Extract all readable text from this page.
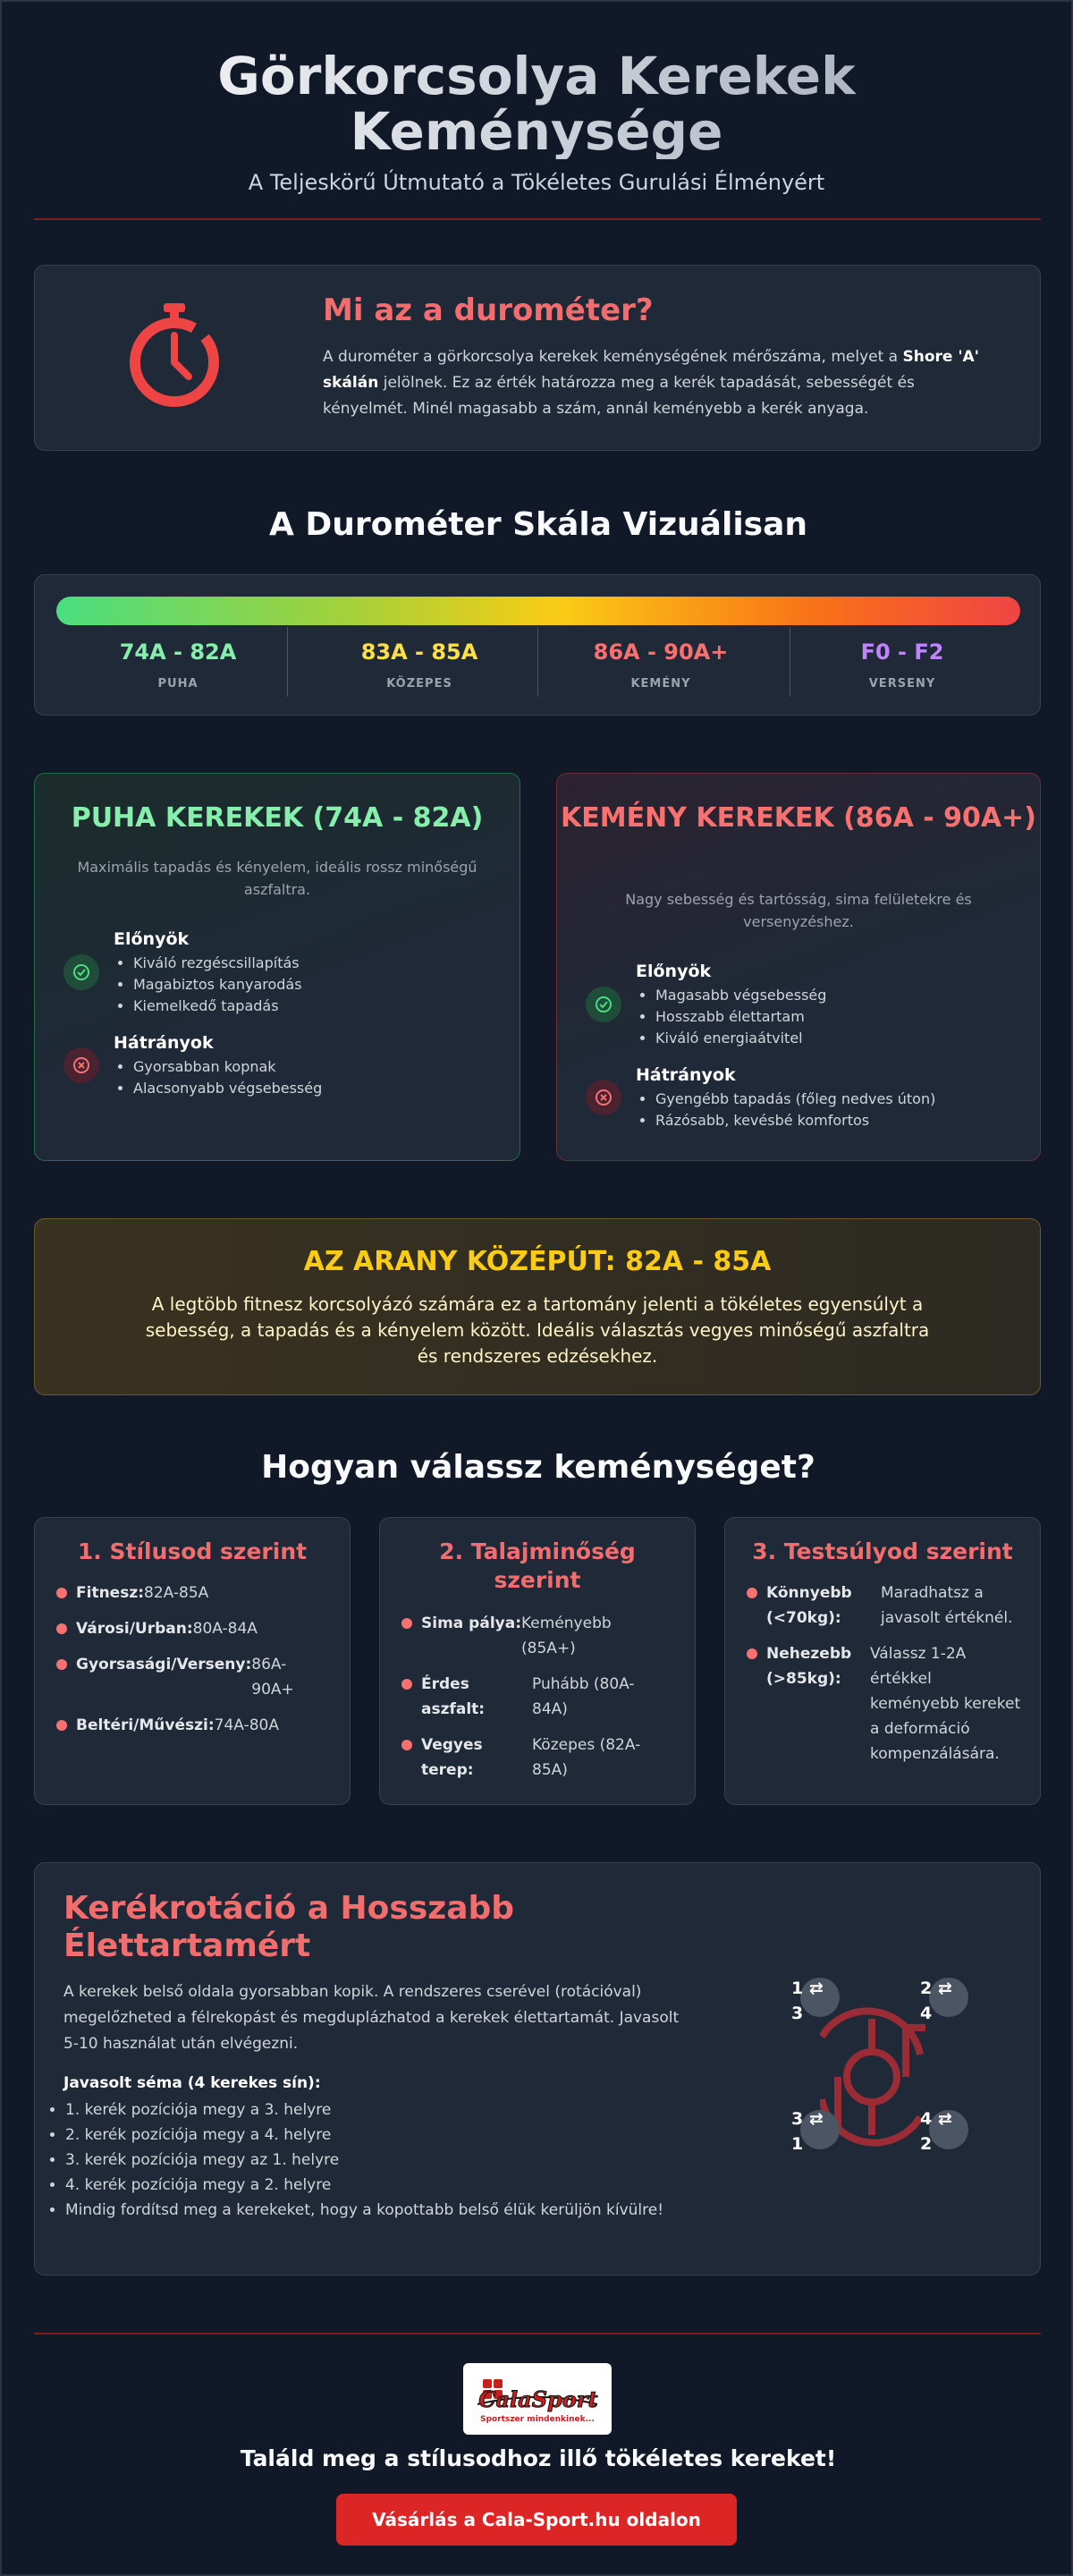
Görkorcsolya Kerekek Keménysége
A Teljeskörű Útmutató a Tökéletes Gurulási Élményért
Mi az a durométer?
A durométer a görkorcsolya kerekek keménységének mérőszáma, melyet a Shore 'A' skálán jelölnek. Ez az érték határozza meg a kerék tapadását, sebességét és kényelmét. Minél magasabb a szám, annál keményebb a kerék anyaga.
A Durométer Skála Vizuálisan
74A - 82A
PUHA
83A - 85A
KÖZEPES
86A - 90A+
KEMÉNY
F0 - F2
VERSENY
PUHA KEREKEK (74A - 82A)
Maximális tapadás és kényelem, ideális rossz minőségű aszfaltra.
Előnyök
• Kiváló rezgéscsillapítás
• Magabiztos kanyarodás
• Kiemelkedő tapadás
Hátrányok
• Gyorsabban kopnak
• Alacsonyabb végsebesség
KEMÉNY KEREKEK (86A - 90A+)
Nagy sebesség és tartósság, sima felületekre és versenyzéshez.
Előnyök
• Magasabb végsebesség
• Hosszabb élettartam
• Kiváló energiaátvitel
Hátrányok
• Gyengébb tapadás (főleg nedves úton)
• Rázósabb, kevésbé komfortos
AZ ARANY KÖZÉPÚT: 82A - 85A
A legtöbb fitnesz korcsolyázó számára ez a tartomány jelenti a tökéletes egyensúlyt a sebesség, a tapadás és a kényelem között. Ideális választás vegyes minőségű aszfaltra és rendszeres edzésekhez.
Hogyan válassz keménységet?
1. Stílusod szerint
Fitnesz: 82A-85A
Városi/Urban: 80A-84A
Gyorsasági/Verseny: 86A-90A+
Beltéri/Művészi: 74A-80A
2. Talajminőség szerint
Sima pálya: Keményebb (85A+)
Érdes aszfalt:
Puhább (80A-84A)
Vegyes terep:
Közepes (82A-85A)
3. Testsúlyod szerint
Könnyebb (<70kg):
Maradhatsz a javasolt értéknél.
Nehezebb (>85kg):
Válassz 1-2A értékkel keményebb kereket a deformáció kompenzálására.
Kerékrotáció a Hosszabb Élettartamért
A kerekek belső oldala gyorsabban kopik. A rendszeres cserével (rotációval) megelőzheted a félrekopást és megduplázhatod a kerekek élettartamát. Javasolt 5-10 használat után elvégezni.
Javasolt séma (4 kerekes sín):
• 1. kerék pozíciója megy a 3. helyre
• 2. kerék pozíciója megy a 4. helyre
• 3. kerék pozíciója megy az 1. helyre
• 4. kerék pozíciója megy a 2. helyre
• Mindig fordítsd meg a kerekeket, hogy a kopottabb belső élük kerüljön kívülre!
1 ⇄
3
2 ⇄
4
3 ⇄
1
4 ⇄
2
CalaSport
Sportszer mindenkinek...
Találd meg a stílusodhoz illő tökéletes kereket!
Vásárlás a Cala-Sport.hu oldalon
